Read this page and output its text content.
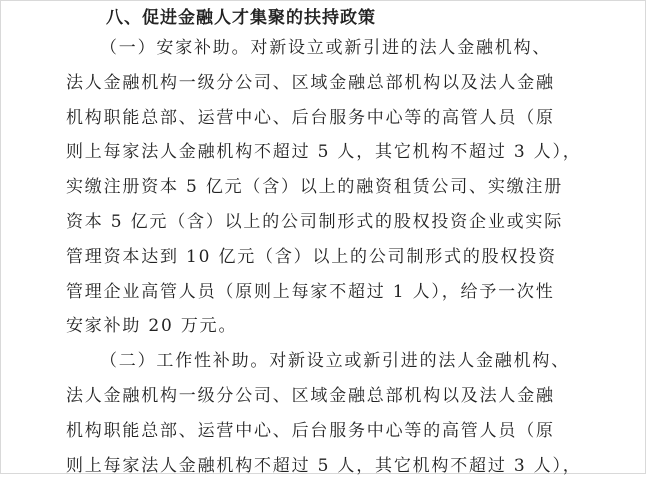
八、促进金融人才集聚的扶持政策
（一）安家补助。对新设立或新引进的法人金融机构、
法人金融机构一级分公司、区域金融总部机构以及法人金融
机构职能总部、运营中心、后台服务中心等的高管人员（原
则上每家法人金融机构不超过 5 人，其它机构不超过 3 人），
实缴注册资本 5 亿元（含）以上的融资租赁公司、实缴注册
资本 5 亿元（含）以上的公司制形式的股权投资企业或实际
管理资本达到 10 亿元（含）以上的公司制形式的股权投资
管理企业高管人员（原则上每家不超过 1 人），给予一次性
安家补助 20 万元。
（二）工作性补助。对新设立或新引进的法人金融机构、
法人金融机构一级分公司、区域金融总部机构以及法人金融
机构职能总部、运营中心、后台服务中心等的高管人员（原
则上每家法人金融机构不超过 5 人，其它机构不超过 3 人），
